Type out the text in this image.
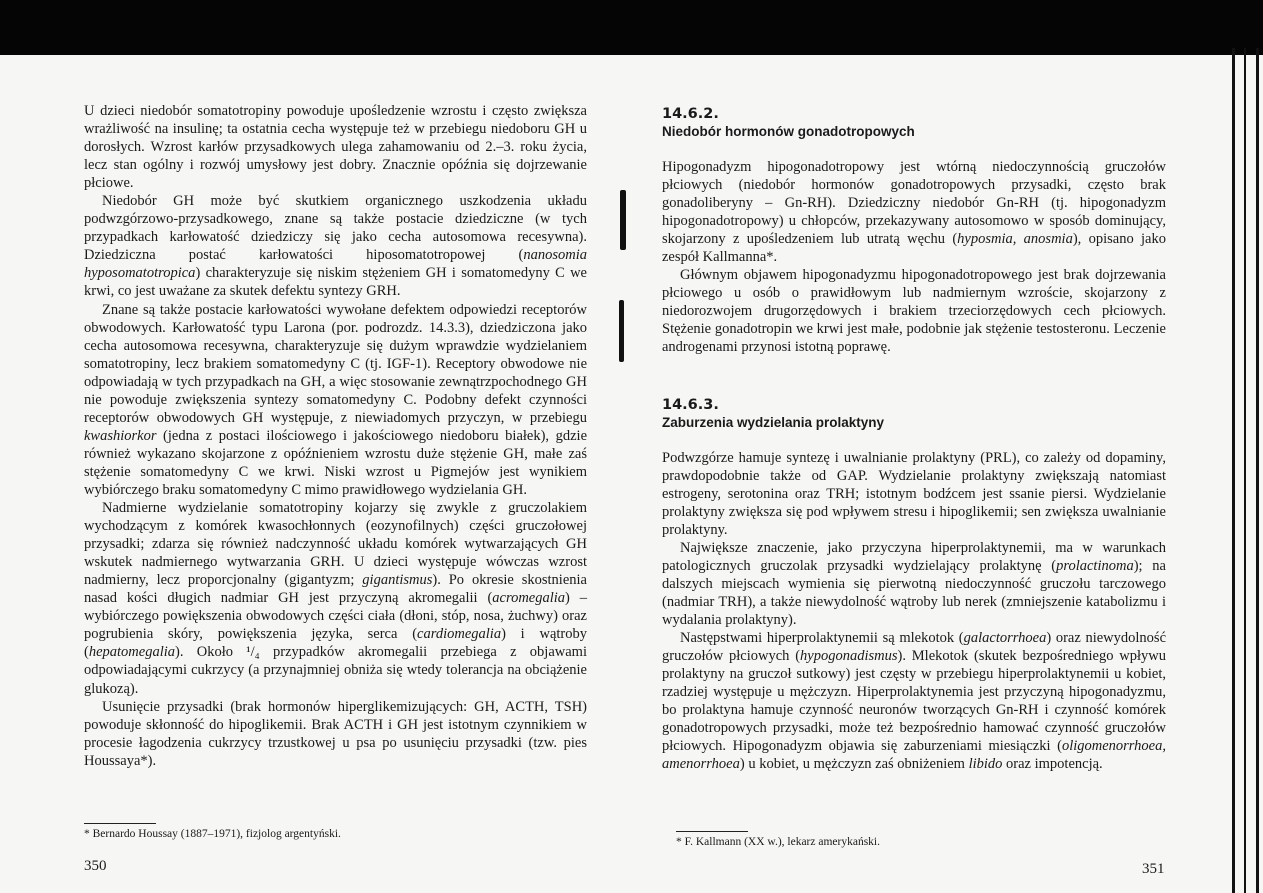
U dzieci niedobór somatotropiny powoduje upośledzenie wzrostu i często zwiększa wrażliwość na insulinę; ta ostatnia cecha występuje też w przebiegu niedoboru GH u dorosłych. Wzrost karłów przysadkowych ulega zahamowaniu od 2.–3. roku życia, lecz stan ogólny i rozwój umysłowy jest dobry. Znacznie opóźnia się dojrzewanie płciowe.

Niedobór GH może być skutkiem organicznego uszkodzenia układu podwzgórzowo-przysadkowego, znane są także postacie dziedziczne (w tych przypadkach karłowatość dziedziczy się jako cecha autosomowa recesywna). Dziedziczna postać karłowatości hiposomatotropowej (nanosomia hyposomatotropica) charakteryzuje się niskim stężeniem GH i somatomedyny C we krwi, co jest uważane za skutek defektu syntezy GRH.

Znane są także postacie karłowatości wywołane defektem odpowiedzi receptorów obwodowych. Karłowatość typu Larona (por. podrozdz. 14.3.3), dziedziczona jako cecha autosomowa recesywna, charakteryzuje się dużym wprawdzie wydzielaniem somatotropiny, lecz brakiem somatomedyny C (tj. IGF-1). Receptory obwodowe nie odpowiadają w tych przypadkach na GH, a więc stosowanie zewnątrzpochodnego GH nie powoduje zwiększenia syntezy somatomedyny C. Podobny defekt czynności receptorów obwodowych GH występuje, z niewiadomych przyczyn, w przebiegu kwashiorkor (jedna z postaci ilościowego i jakościowego niedoboru białek), gdzie również wykazano skojarzone z opóźnieniem wzrostu duże stężenie GH, małe zaś stężenie somatomedyny C we krwi. Niski wzrost u Pigmejów jest wynikiem wybiórczego braku somatomedyny C mimo prawidłowego wydzielania GH.

Nadmierne wydzielanie somatotropiny kojarzy się zwykle z gruczolakiem wychodzącym z komórek kwasochłonnych (eozynofilnych) części gruczołowej przysadki; zdarza się również nadczynność układu komórek wytwarzających GH wskutek nadmiernego wytwarzania GRH. U dzieci występuje wówczas wzrost nadmierny, lecz proporcjonalny (gigantyzm; gigantismus). Po okresie skostnienia nasad kości długich nadmiar GH jest przyczyną akromegalii (acromegalia) – wybiórczego powiększenia obwodowych części ciała (dłoni, stóp, nosa, żuchwy) oraz pogrubienia skóry, powiększenia języka, serca (cardiomegalia) i wątroby (hepatomegalia). Około ¹/₄ przypadków akromegalii przebiega z objawami odpowiadającymi cukrzycy (a przynajmniej obniża się wtedy tolerancja na obciążenie glukozą).

Usunięcie przysadki (brak hormonów hiperglikemizujących: GH, ACTH, TSH) powoduje skłonność do hipoglikemii. Brak ACTH i GH jest istotnym czynnikiem w procesie łagodzenia cukrzycy trzustkowej u psa po usunięciu przysadki (tzw. pies Houssaya*).

* Bernardo Houssay (1887–1971), fizjolog argentyński.
350

14.6.2.

Niedobór hormonów gonadotropowych

Hipogonadyzm hipogonadotropowy jest wtórną niedoczynnością gruczołów płciowych (niedobór hormonów gonadotropowych przysadki, często brak gonadoliberyny – Gn-RH). Dziedziczny niedobór Gn-RH (tj. hipogonadyzm hipogonadotropowy) u chłopców, przekazywany autosomowo w sposób dominujący, skojarzony z upośledzeniem lub utratą węchu (hyposmia, anosmia), opisano jako zespół Kallmanna*.

Głównym objawem hipogonadyzmu hipogonadotropowego jest brak dojrzewania płciowego u osób o prawidłowym lub nadmiernym wzroście, skojarzony z niedorozwojem drugorzędowych i brakiem trzeciorzędowych cech płciowych. Stężenie gonadotropin we krwi jest małe, podobnie jak stężenie testosteronu. Leczenie androgenami przynosi istotną poprawę.

14.6.3.

Zaburzenia wydzielania prolaktyny

Podwzgórze hamuje syntezę i uwalnianie prolaktyny (PRL), co zależy od dopaminy, prawdopodobnie także od GAP. Wydzielanie prolaktyny zwiększają natomiast estrogeny, serotonina oraz TRH; istotnym bodźcem jest ssanie piersi. Wydzielanie prolaktyny zwiększa się pod wpływem stresu i hipoglikemii; sen zwiększa uwalnianie prolaktyny.

Największe znaczenie, jako przyczyna hiperprolaktynemii, ma w warunkach patologicznych gruczolak przysadki wydzielający prolaktynę (prolactinoma); na dalszych miejscach wymienia się pierwotną niedoczynność gruczołu tarczowego (nadmiar TRH), a także niewydolność wątroby lub nerek (zmniejszenie katabolizmu i wydalania prolaktyny).

Następstwami hiperprolaktynemii są mlekotok (galactorrhoea) oraz niewydolność gruczołów płciowych (hypogonadismus). Mlekotok (skutek bezpośredniego wpływu prolaktyny na gruczoł sutkowy) jest częsty w przebiegu hiperprolaktynemii u kobiet, rzadziej występuje u mężczyzn. Hiperprolaktynemia jest przyczyną hipogonadyzmu, bo prolaktyna hamuje czynność neuronów tworzących Gn-RH i czynność komórek gonadotropowych przysadki, może też bezpośrednio hamować czynność gruczołów płciowych. Hipogonadyzm objawia się zaburzeniami miesiączki (oligomenorrhoea, amenorrhoea) u kobiet, u mężczyzn zaś obniżeniem libido oraz impotencją.

* F. Kallmann (XX w.), lekarz amerykański.
351
